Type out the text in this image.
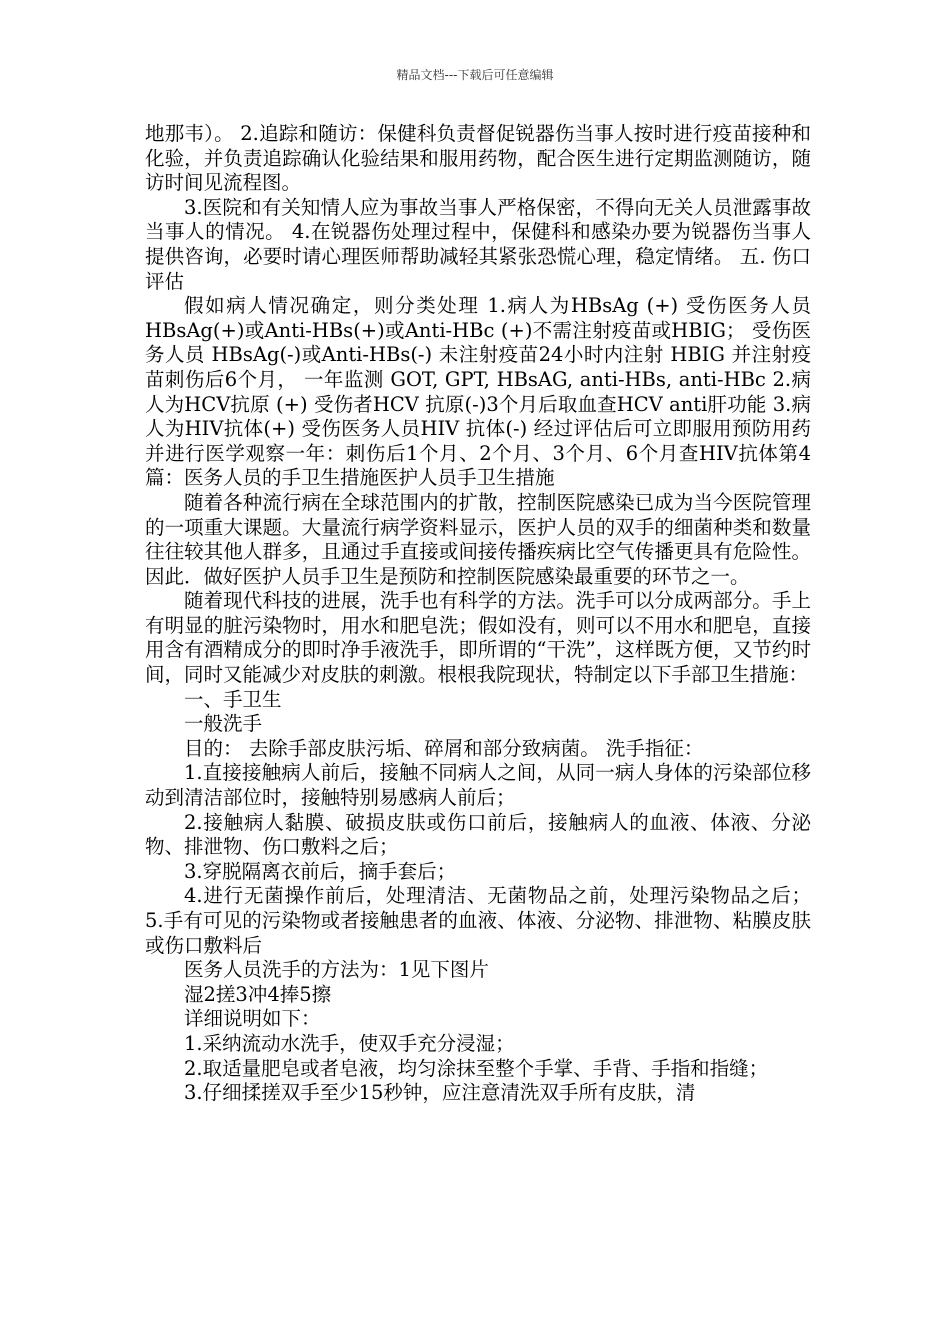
精品文档---下载后可任意编辑

地那韦）。 2.追踪和随访：保健科负责督促锐器伤当事人按时进行疫苗接种和化验，并负责追踪确认化验结果和服用药物，配合医生进行定期监测随访，随访时间见流程图。

3.医院和有关知情人应为事故当事人严格保密，不得向无关人员泄露事故当事人的情况。 4.在锐器伤处理过程中，保健科和感染办要为锐器伤当事人提供咨询，必要时请心理医师帮助减轻其紧张恐慌心理，稳定情绪。 五. 伤口评估

假如病人情况确定，则分类处理 1.病人为HBsAg (+) 受伤医务人员 HBsAg(+)或Anti-HBs(+)或Anti-HBc (+)不需注射疫苗或HBIG； 受伤医务人员 HBsAg(-)或Anti-HBs(-) 未注射疫苗24小时内注射 HBIG 并注射疫苗刺伤后6个月， 一年监测 GOT, GPT, HBsAG, anti-HBs, anti-HBc 2.病人为HCV抗原 (+) 受伤者HCV 抗原(-)3个月后取血查HCV anti肝功能 3.病人为HIV抗体(+) 受伤医务人员HIV 抗体(-) 经过评估后可立即服用预防用药并进行医学观察一年：刺伤后1个月、2个月、3个月、6个月查HIV抗体第4篇：医务人员的手卫生措施医护人员手卫生措施

随着各种流行病在全球范围内的扩散，控制医院感染已成为当今医院管理的一项重大课题。大量流行病学资料显示，医护人员的双手的细菌种类和数量往往较其他人群多，且通过手直接或间接传播疾病比空气传播更具有危险性。因此．做好医护人员手卫生是预防和控制医院感染最重要的环节之一。

随着现代科技的进展，洗手也有科学的方法。洗手可以分成两部分。手上有明显的脏污染物时，用水和肥皂洗；假如没有，则可以不用水和肥皂，直接用含有酒精成分的即时净手液洗手，即所谓的“干洗”，这样既方便，又节约时间，同时又能减少对皮肤的刺激。根根我院现状，特制定以下手部卫生措施：

一、手卫生

一般洗手

目的： 去除手部皮肤污垢、碎屑和部分致病菌。 洗手指征：

1.直接接触病人前后，接触不同病人之间，从同一病人身体的污染部位移动到清洁部位时，接触特别易感病人前后；

2.接触病人黏膜、破损皮肤或伤口前后，接触病人的血液、体液、分泌物、排泄物、伤口敷料之后；

3.穿脱隔离衣前后，摘手套后；

4.进行无菌操作前后，处理清洁、无菌物品之前，处理污染物品之后； 5.手有可见的污染物或者接触患者的血液、体液、分泌物、排泄物、粘膜皮肤或伤口敷料后

医务人员洗手的方法为：1见下图片

湿2搓3冲4捧5擦

详细说明如下：

1.采纳流动水洗手，使双手充分浸湿；

2.取适量肥皂或者皂液，均匀涂抹至整个手掌、手背、手指和指缝；

3.仔细揉搓双手至少15秒钟，应注意清洗双手所有皮肤，清
